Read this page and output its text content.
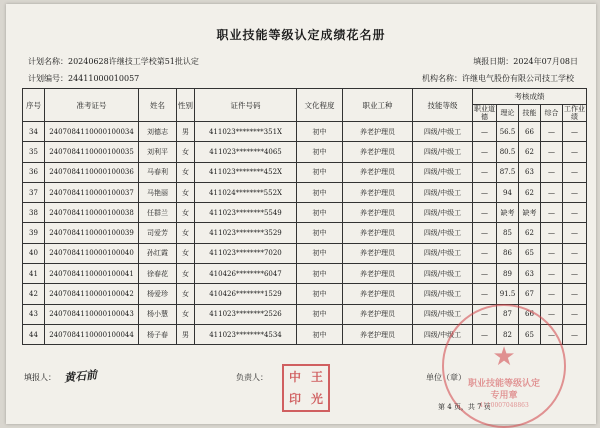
职业技能等级认定成绩花名册
计划名称：20240628许继技工学校第51批认定	填报日期：2024年07月08日
计划编号：24411000010057	机构名称：许继电气股份有限公司技工学校
序号	准考证号	姓名	性别	证件号码	文化程度	职业工种	技能等级	考核成绩				
								职业道德	理论	技能	综合	工作业绩
34	2407084110000100034	刘德志	男	411023********351X	初中	养老护理员	四级/中级工	—	56.5	66	—	—
35	2407084110000100035	刘利平	女	411023********4065	初中	养老护理员	四级/中级工	—	80.5	62	—	—
36	2407084110000100036	马春利	女	411023********452X	初中	养老护理员	四级/中级工	—	87.5	63	—	—
37	2407084110000100037	马艳丽	女	411024********552X	初中	养老护理员	四级/中级工	—	94	62	—	—
38	2407084110000100038	任群兰	女	411023********5549	初中	养老护理员	四级/中级工	—	缺考	缺考	—	—
39	2407084110000100039	司爱芳	女	411023********3529	初中	养老护理员	四级/中级工	—	85	62	—	—
40	2407084110000100040	孙红霞	女	411023********7020	初中	养老护理员	四级/中级工	—	86	65	—	—
41	2407084110000100041	徐春花	女	410426********6047	初中	养老护理员	四级/中级工	—	89	63	—	—
42	2407084110000100042	杨爱珍	女	410426********1529	初中	养老护理员	四级/中级工	—	91.5	67	—	—
43	2407084110000100043	杨小慧	女	411023********2526	初中	养老护理员	四级/中级工	—	87	66	—	—
44	2407084110000100044	杨子春	男	411023********4534	初中	养老护理员	四级/中级工	—	82	65	—	—
填报人： 黄石前	负责人：	单位（章）
中 王
印 光
★
职业技能等级认定
专用章
4110007048863
第 4 页，共 7 页
